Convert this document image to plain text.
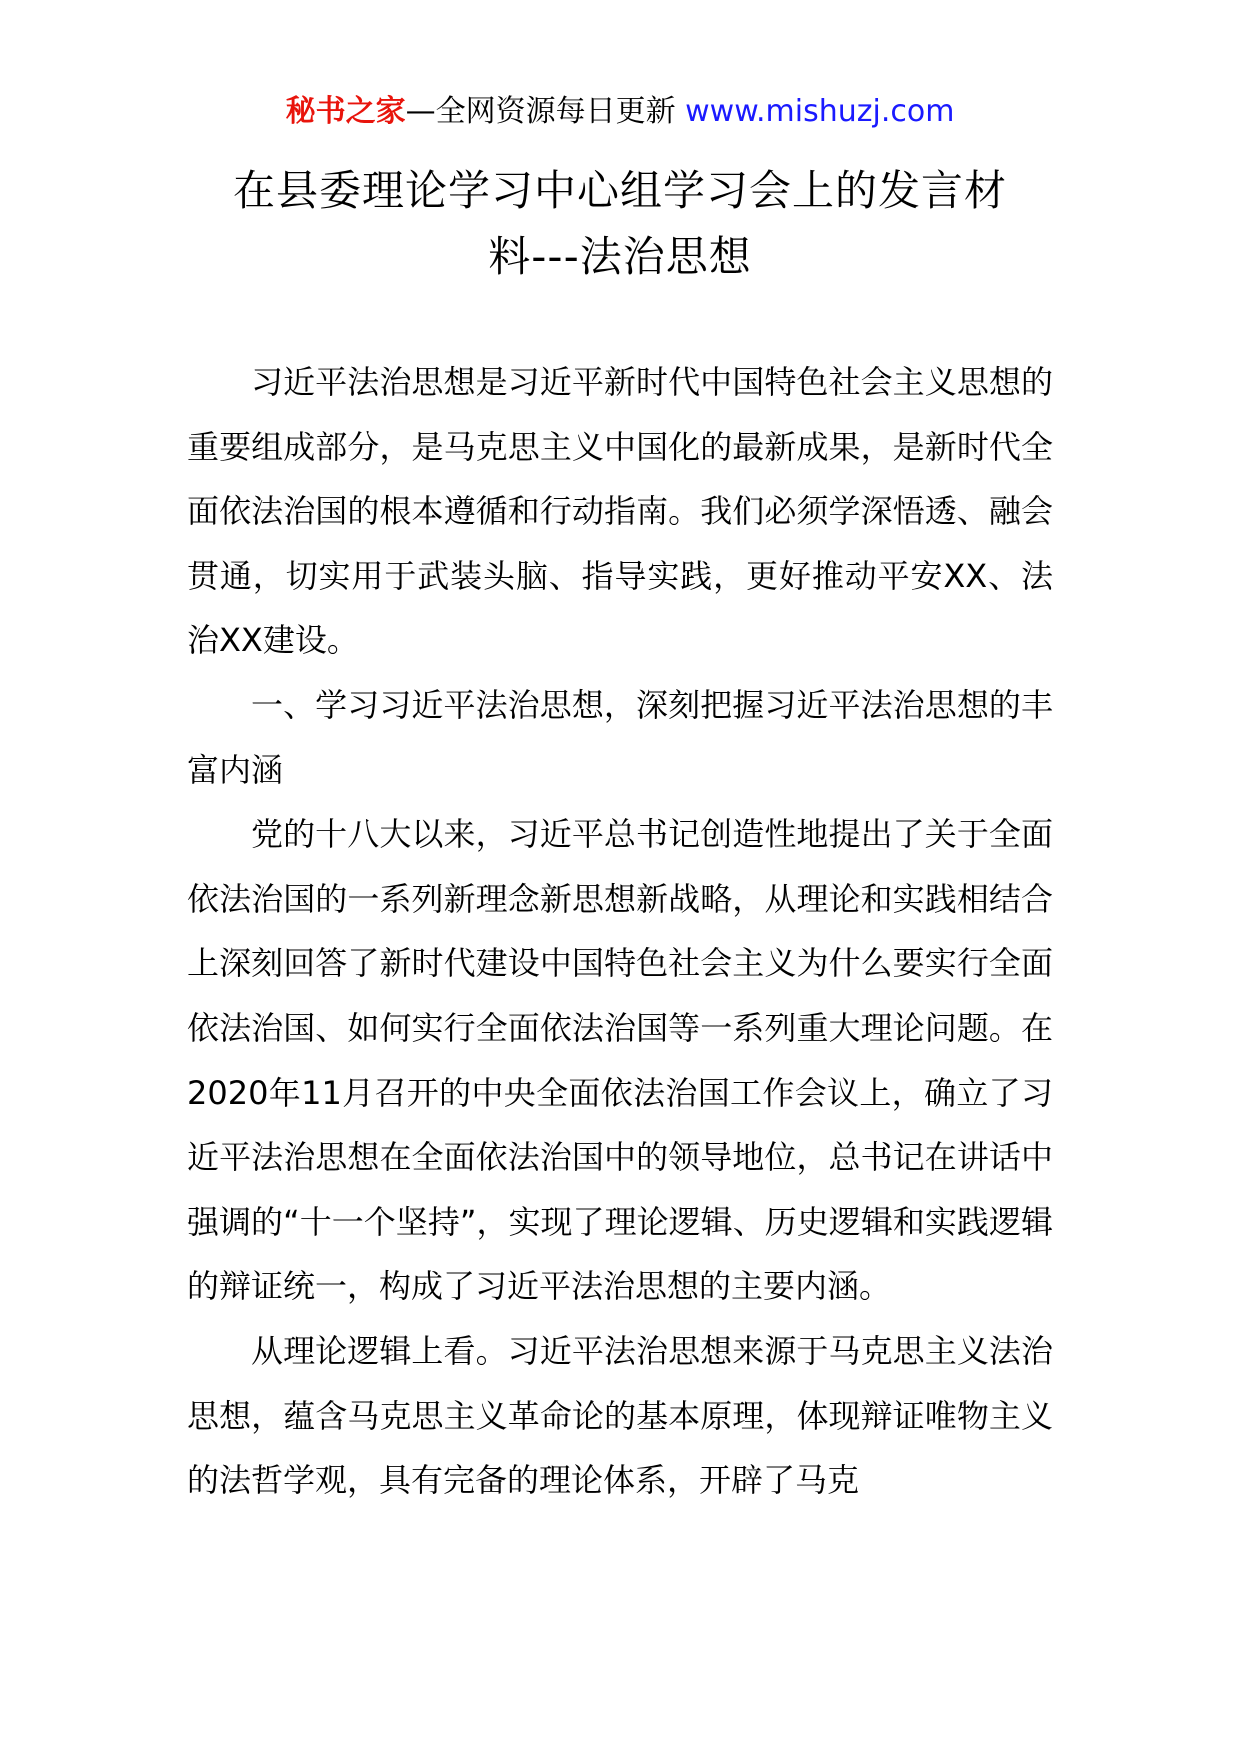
秘书之家—全网资源每日更新 www.mishuzj.com
在县委理论学习中心组学习会上的发言材
料---法治思想

习近平法治思想是习近平新时代中国特色社会主义思想的重要组成部分，是马克思主义中国化的最新成果，是新时代全面依法治国的根本遵循和行动指南。我们必须学深悟透、融会贯通，切实用于武装头脑、指导实践，更好推动平安XX、法治XX建设。

一、学习习近平法治思想，深刻把握习近平法治思想的丰富内涵

党的十八大以来，习近平总书记创造性地提出了关于全面依法治国的一系列新理念新思想新战略，从理论和实践相结合上深刻回答了新时代建设中国特色社会主义为什么要实行全面依法治国、如何实行全面依法治国等一系列重大理论问题。在2020年11月召开的中央全面依法治国工作会议上，确立了习近平法治思想在全面依法治国中的领导地位，总书记在讲话中强调的“十一个坚持”，实现了理论逻辑、历史逻辑和实践逻辑的辩证统一，构成了习近平法治思想的主要内涵。

从理论逻辑上看。习近平法治思想来源于马克思主义法治思想，蕴含马克思主义革命论的基本原理，体现辩证唯物主义的法哲学观，具有完备的理论体系，开辟了马克
